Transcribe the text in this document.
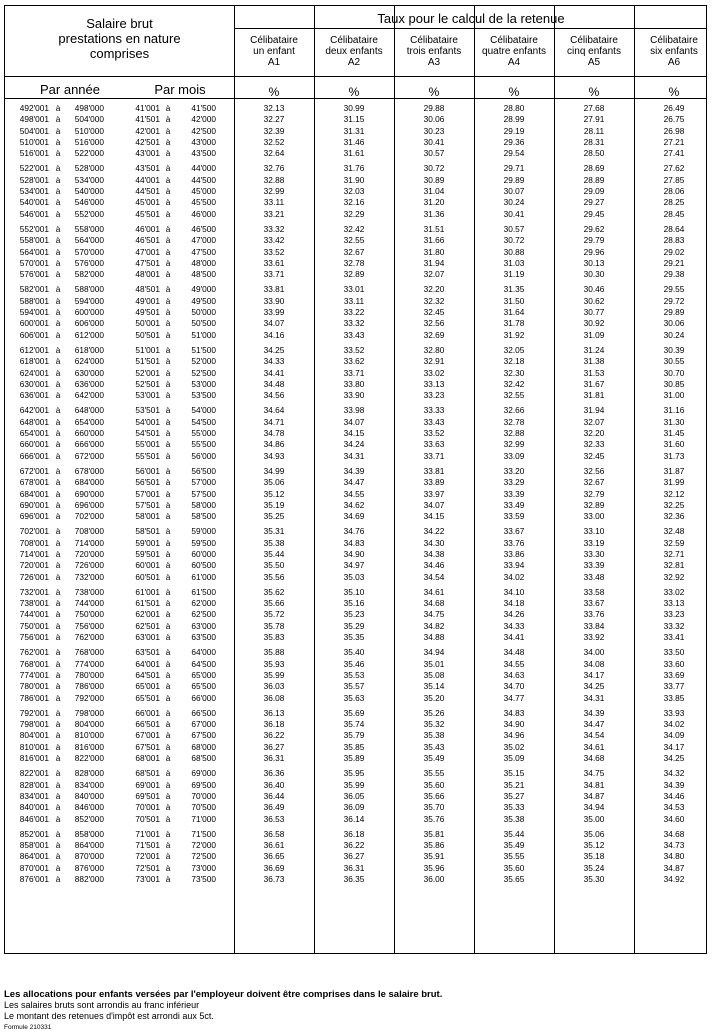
Salaire brut
prestations en nature
comprises
Taux pour le calcul de la retenue
Par année	Par mois
Célibataire
un enfant
A1
%
Célibataire
deux enfants
A2
%
Célibataire
trois enfants
A3
%
Célibataire
quatre enfants
A4
%
Célibataire
cinq enfants
A5
%
Célibataire
six enfants
A6
%
492'001 à	498'000	41'001 à	41'500	32.13	30.99	29.88	28.80	27.68	26.49
498'001 à	504'000	41'501 à	42'000	32.27	31.15	30.06	28.99	27.91	26.75
504'001 à	510'000	42'001 à	42'500	32.39	31.31	30.23	29.19	28.11	26.98
510'001 à	516'000	42'501 à	43'000	32.52	31.46	30.41	29.36	28.31	27.21
516'001 à	522'000	43'001 à	43'500	32.64	31.61	30.57	29.54	28.50	27.41
522'001 à	528'000	43'501 à	44'000	32.76	31.76	30.72	29.71	28.69	27.62
528'001 à	534'000	44'001 à	44'500	32.88	31.90	30.89	29.89	28.89	27.85
534'001 à	540'000	44'501 à	45'000	32.99	32.03	31.04	30.07	29.09	28.06
540'001 à	546'000	45'001 à	45'500	33.11	32.16	31.20	30.24	29.27	28.25
546'001 à	552'000	45'501 à	46'000	33.21	32.29	31.36	30.41	29.45	28.45
552'001 à	558'000	46'001 à	46'500	33.32	32.42	31.51	30.57	29.62	28.64
558'001 à	564'000	46'501 à	47'000	33.42	32.55	31.66	30.72	29.79	28.83
564'001 à	570'000	47'001 à	47'500	33.52	32.67	31.80	30.88	29.96	29.02
570'001 à	576'000	47'501 à	48'000	33.61	32.78	31.94	31.03	30.13	29.21
576'001 à	582'000	48'001 à	48'500	33.71	32.89	32.07	31.19	30.30	29.38
582'001 à	588'000	48'501 à	49'000	33.81	33.01	32.20	31.35	30.46	29.55
588'001 à	594'000	49'001 à	49'500	33.90	33.11	32.32	31.50	30.62	29.72
594'001 à	600'000	49'501 à	50'000	33.99	33.22	32.45	31.64	30.77	29.89
600'001 à	606'000	50'001 à	50'500	34.07	33.32	32.56	31.78	30.92	30.06
606'001 à	612'000	50'501 à	51'000	34.16	33.43	32.69	31.92	31.09	30.24
612'001 à	618'000	51'001 à	51'500	34.25	33.52	32.80	32.05	31.24	30.39
618'001 à	624'000	51'501 à	52'000	34.33	33.62	32.91	32.18	31.38	30.55
624'001 à	630'000	52'001 à	52'500	34.41	33.71	33.02	32.30	31.53	30.70
630'001 à	636'000	52'501 à	53'000	34.48	33.80	33.13	32.42	31.67	30.85
636'001 à	642'000	53'001 à	53'500	34.56	33.90	33.23	32.55	31.81	31.00
642'001 à	648'000	53'501 à	54'000	34.64	33.98	33.33	32.66	31.94	31.16
648'001 à	654'000	54'001 à	54'500	34.71	34.07	33.43	32.78	32.07	31.30
654'001 à	660'000	54'501 à	55'000	34.78	34.15	33.52	32.88	32.20	31.45
660'001 à	666'000	55'001 à	55'500	34.86	34.24	33.63	32.99	32.33	31.60
666'001 à	672'000	55'501 à	56'000	34.93	34.31	33.71	33.09	32.45	31.73
672'001 à	678'000	56'001 à	56'500	34.99	34.39	33.81	33.20	32.56	31.87
678'001 à	684'000	56'501 à	57'000	35.06	34.47	33.89	33.29	32.67	31.99
684'001 à	690'000	57'001 à	57'500	35.12	34.55	33.97	33.39	32.79	32.12
690'001 à	696'000	57'501 à	58'000	35.19	34.62	34.07	33.49	32.89	32.25
696'001 à	702'000	58'001 à	58'500	35.25	34.69	34.15	33.59	33.00	32.36
702'001 à	708'000	58'501 à	59'000	35.31	34.76	34.22	33.67	33.10	32.48
708'001 à	714'000	59'001 à	59'500	35.38	34.83	34.30	33.76	33.19	32.59
714'001 à	720'000	59'501 à	60'000	35.44	34.90	34.38	33.86	33.30	32.71
720'001 à	726'000	60'001 à	60'500	35.50	34.97	34.46	33.94	33.39	32.81
726'001 à	732'000	60'501 à	61'000	35.56	35.03	34.54	34.02	33.48	32.92
732'001 à	738'000	61'001 à	61'500	35.62	35.10	34.61	34.10	33.58	33.02
738'001 à	744'000	61'501 à	62'000	35.66	35.16	34.68	34.18	33.67	33.13
744'001 à	750'000	62'001 à	62'500	35.72	35.23	34.75	34.26	33.76	33.23
750'001 à	756'000	62'501 à	63'000	35.78	35.29	34.82	34.33	33.84	33.32
756'001 à	762'000	63'001 à	63'500	35.83	35.35	34.88	34.41	33.92	33.41
762'001 à	768'000	63'501 à	64'000	35.88	35.40	34.94	34.48	34.00	33.50
768'001 à	774'000	64'001 à	64'500	35.93	35.46	35.01	34.55	34.08	33.60
774'001 à	780'000	64'501 à	65'000	35.99	35.53	35.08	34.63	34.17	33.69
780'001 à	786'000	65'001 à	65'500	36.03	35.57	35.14	34.70	34.25	33.77
786'001 à	792'000	65'501 à	66'000	36.08	35.63	35.20	34.77	34.31	33.85
792'001 à	798'000	66'001 à	66'500	36.13	35.69	35.26	34.83	34.39	33.93
798'001 à	804'000	66'501 à	67'000	36.18	35.74	35.32	34.90	34.47	34.02
804'001 à	810'000	67'001 à	67'500	36.22	35.79	35.38	34.96	34.54	34.09
810'001 à	816'000	67'501 à	68'000	36.27	35.85	35.43	35.02	34.61	34.17
816'001 à	822'000	68'001 à	68'500	36.31	35.89	35.49	35.09	34.68	34.25
822'001 à	828'000	68'501 à	69'000	36.36	35.95	35.55	35.15	34.75	34.32
828'001 à	834'000	69'001 à	69'500	36.40	35.99	35.60	35.21	34.81	34.39
834'001 à	840'000	69'501 à	70'000	36.44	36.05	35.66	35.27	34.87	34.46
840'001 à	846'000	70'001 à	70'500	36.49	36.09	35.70	35.33	34.94	34.53
846'001 à	852'000	70'501 à	71'000	36.53	36.14	35.76	35.38	35.00	34.60
852'001 à	858'000	71'001 à	71'500	36.58	36.18	35.81	35.44	35.06	34.68
858'001 à	864'000	71'501 à	72'000	36.61	36.22	35.86	35.49	35.12	34.73
864'001 à	870'000	72'001 à	72'500	36.65	36.27	35.91	35.55	35.18	34.80
870'001 à	876'000	72'501 à	73'000	36.69	36.31	35.96	35.60	35.24	34.87
876'001 à	882'000	73'001 à	73'500	36.73	36.35	36.00	35.65	35.30	34.92
Les allocations pour enfants versées par l'employeur doivent être comprises dans le salaire brut.
Les salaires bruts sont arrondis au franc inférieur
Le montant des retenues d'impôt est arrondi aux 5ct.
Formule 210331
